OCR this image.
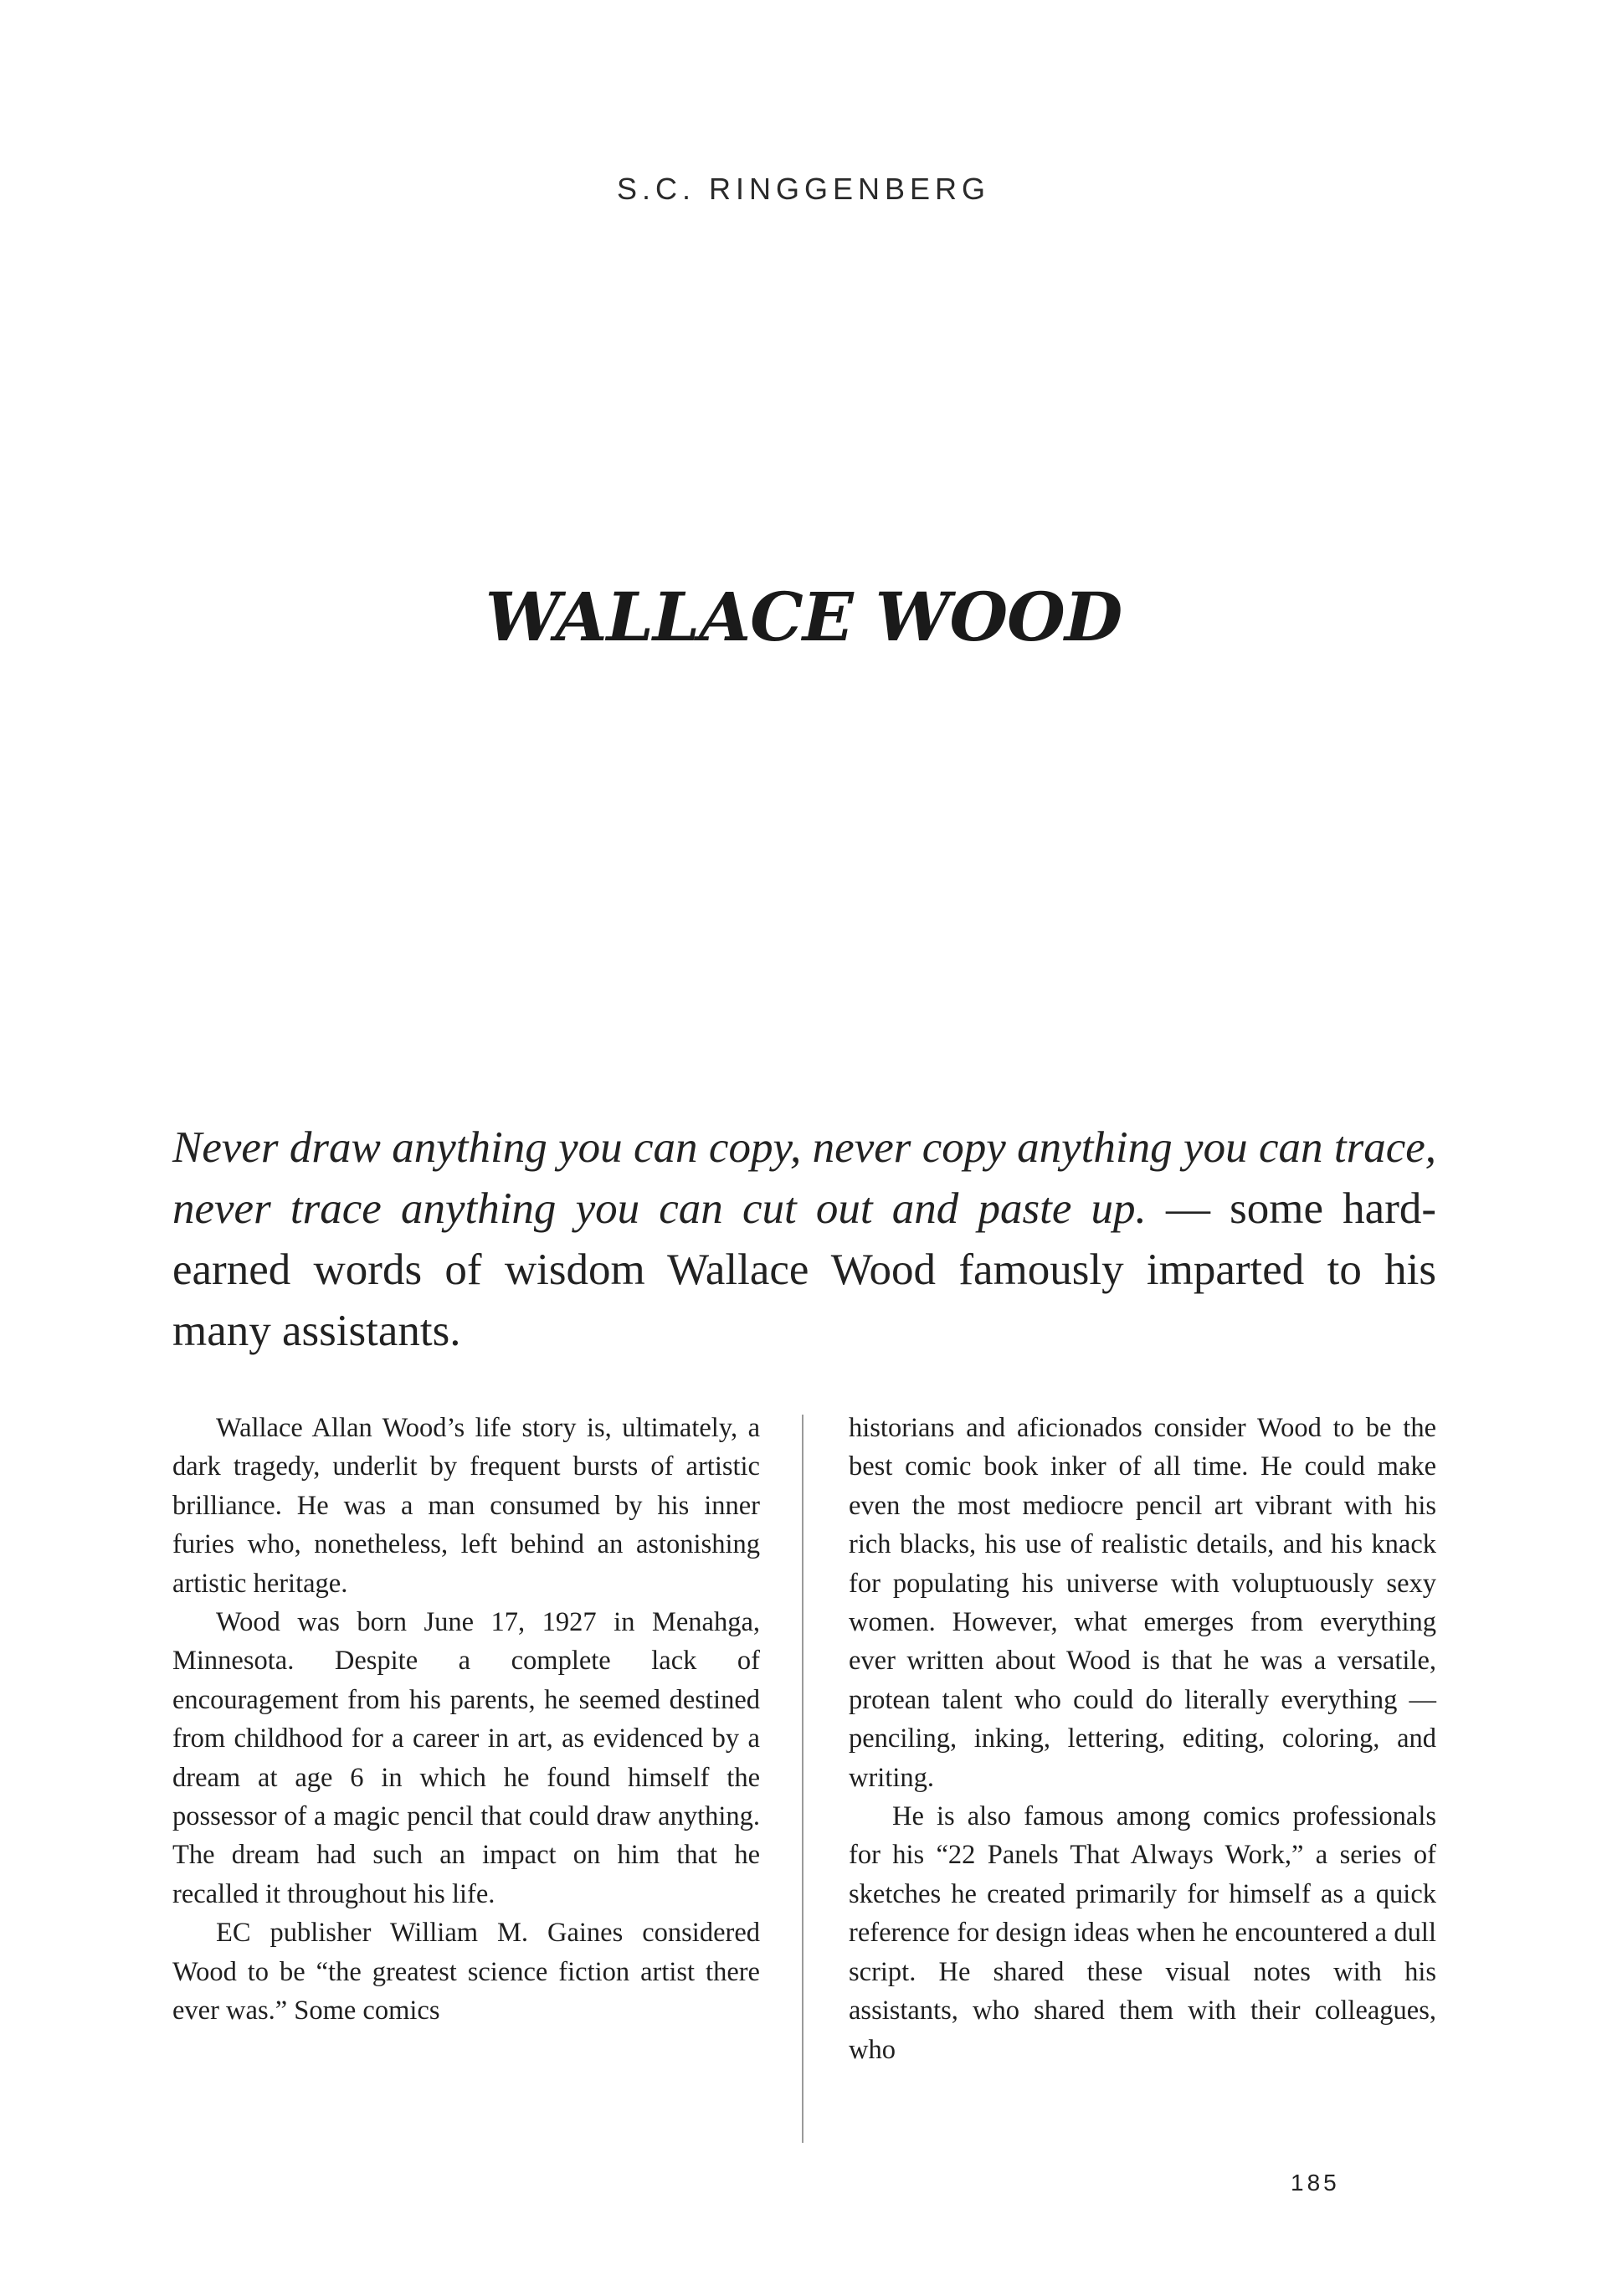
S.C. RINGGENBERG
WALLACE WOOD

Never draw anything you can copy, never copy anything you can trace, never trace anything you can cut out and paste up. — some hard-earned words of wisdom Wallace Wood famously imparted to his many assistants.

Wallace Allan Wood’s life story is, ultimately, a dark tragedy, underlit by frequent bursts of artistic brilliance. He was a man consumed by his inner furies who, nonetheless, left behind an astonishing artistic heritage.

Wood was born June 17, 1927 in Menahga, Minnesota. Despite a complete lack of encouragement from his parents, he seemed destined from childhood for a career in art, as evidenced by a dream at age 6 in which he found himself the possessor of a magic pencil that could draw anything. The dream had such an impact on him that he recalled it throughout his life.

EC publisher William M. Gaines considered Wood to be “the greatest science fiction artist there ever was.” Some comics

historians and aficionados consider Wood to be the best comic book inker of all time. He could make even the most mediocre pencil art vibrant with his rich blacks, his use of realistic details, and his knack for populating his universe with voluptuously sexy women. However, what emerges from everything ever written about Wood is that he was a versatile, protean talent who could do literally everything — penciling, inking, lettering, editing, coloring, and writing.

He is also famous among comics professionals for his “22 Panels That Always Work,” a series of sketches he created primarily for himself as a quick reference for design ideas when he encountered a dull script. He shared these visual notes with his assistants, who shared them with their colleagues, who

185
